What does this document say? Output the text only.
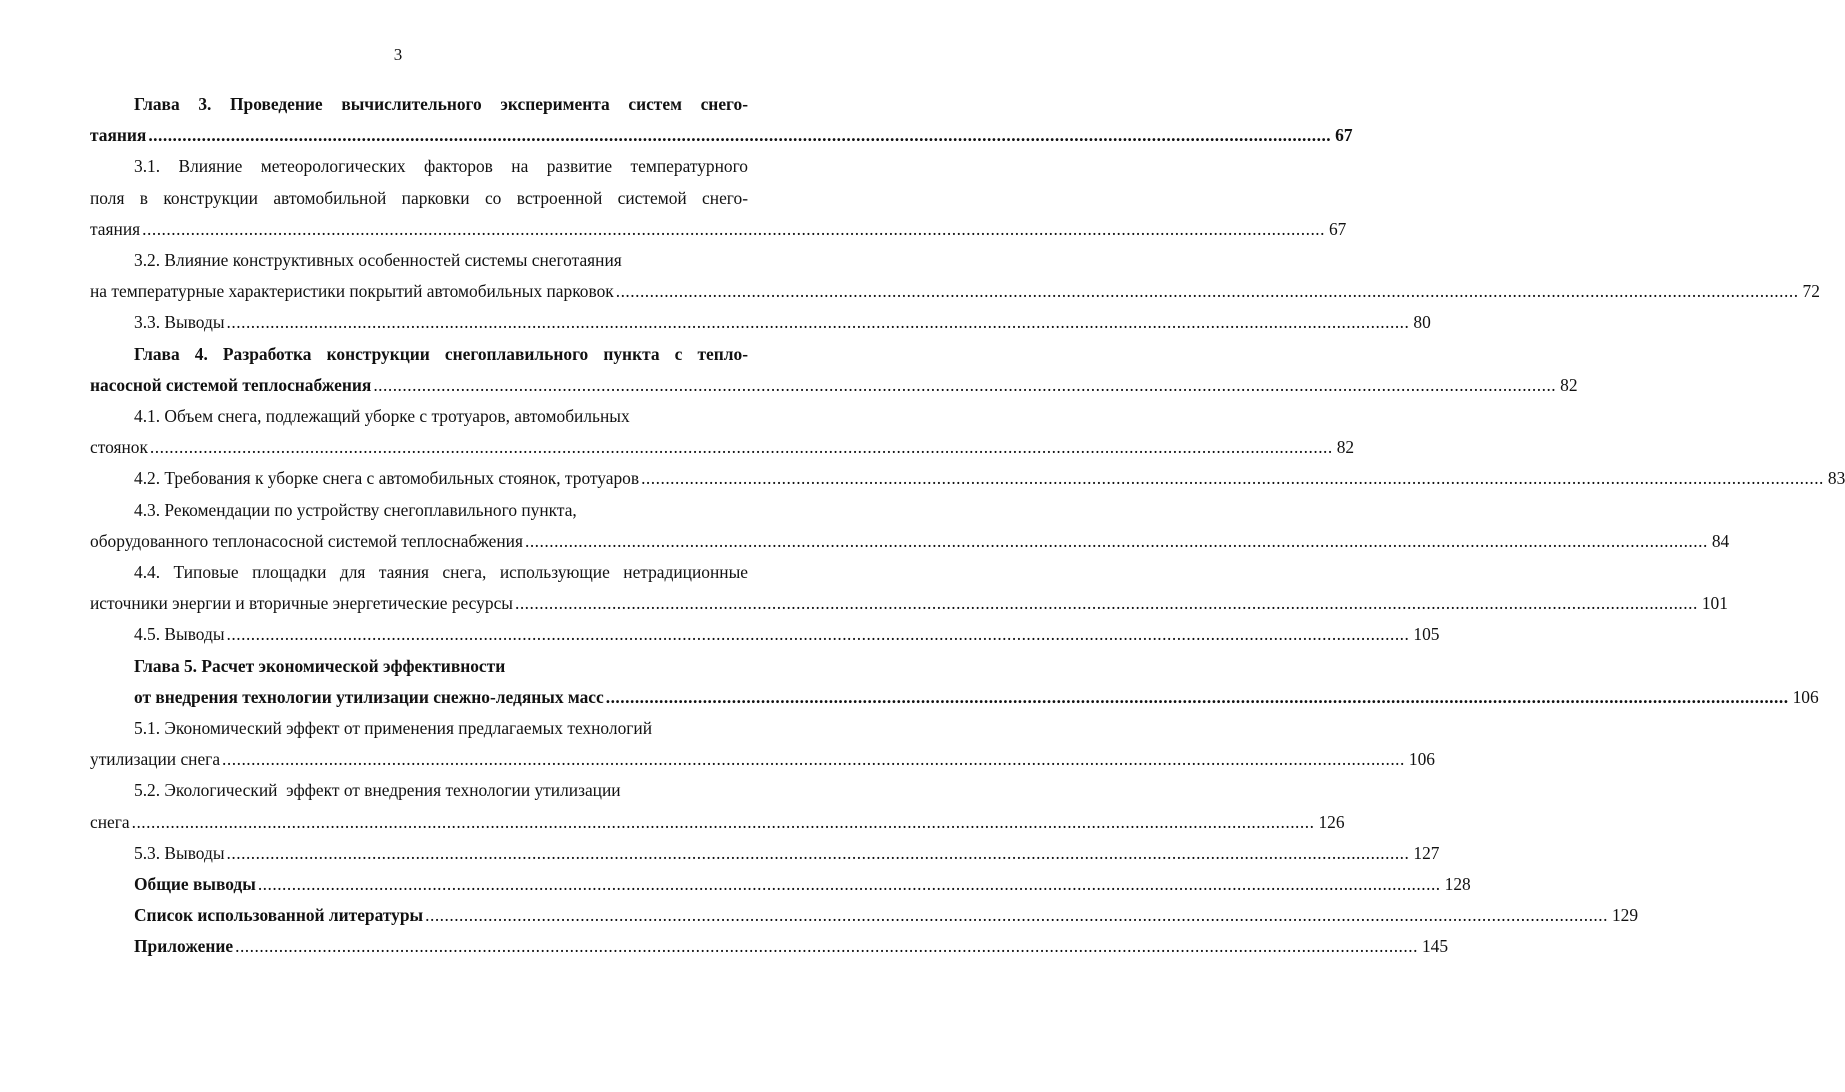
3
Глава 3. Проведение вычислительного эксперимента систем снего-
таяния .....	67
3.1. Влияние метеорологических факторов на развитие температурного
поля в конструкции автомобильной парковки со встроенной системой снего-
таяния .....	67
3.2. Влияние конструктивных особенностей системы снеготаяния
на температурные характеристики покрытий автомобильных парковок .....	72
3.3. Выводы .....	80
Глава 4. Разработка конструкции снегоплавильного пункта с тепло-
насосной системой теплоснабжения .....	82
4.1. Объем снега, подлежащий уборке с тротуаров, автомобильных
стоянок .....	82
4.2. Требования к уборке снега с автомобильных стоянок, тротуаров .....	83
4.3. Рекомендации по устройству снегоплавильного пункта,
оборудованного теплонасосной системой теплоснабжения .....	84
4.4. Типовые площадки для таяния снега, использующие нетрадиционные
источники энергии и вторичные энергетические ресурсы .....	101
4.5. Выводы .....	105
Глава 5. Расчет экономической эффективности
от внедрения технологии утилизации снежно-ледяных масс .....	106
5.1. Экономический эффект от применения предлагаемых технологий
утилизации снега .....	106
5.2. Экологический  эффект от внедрения технологии утилизации
снега .....	126
5.3. Выводы .....	127
Общие выводы .....	128
Список использованной литературы .....	129
Приложение .....	145
